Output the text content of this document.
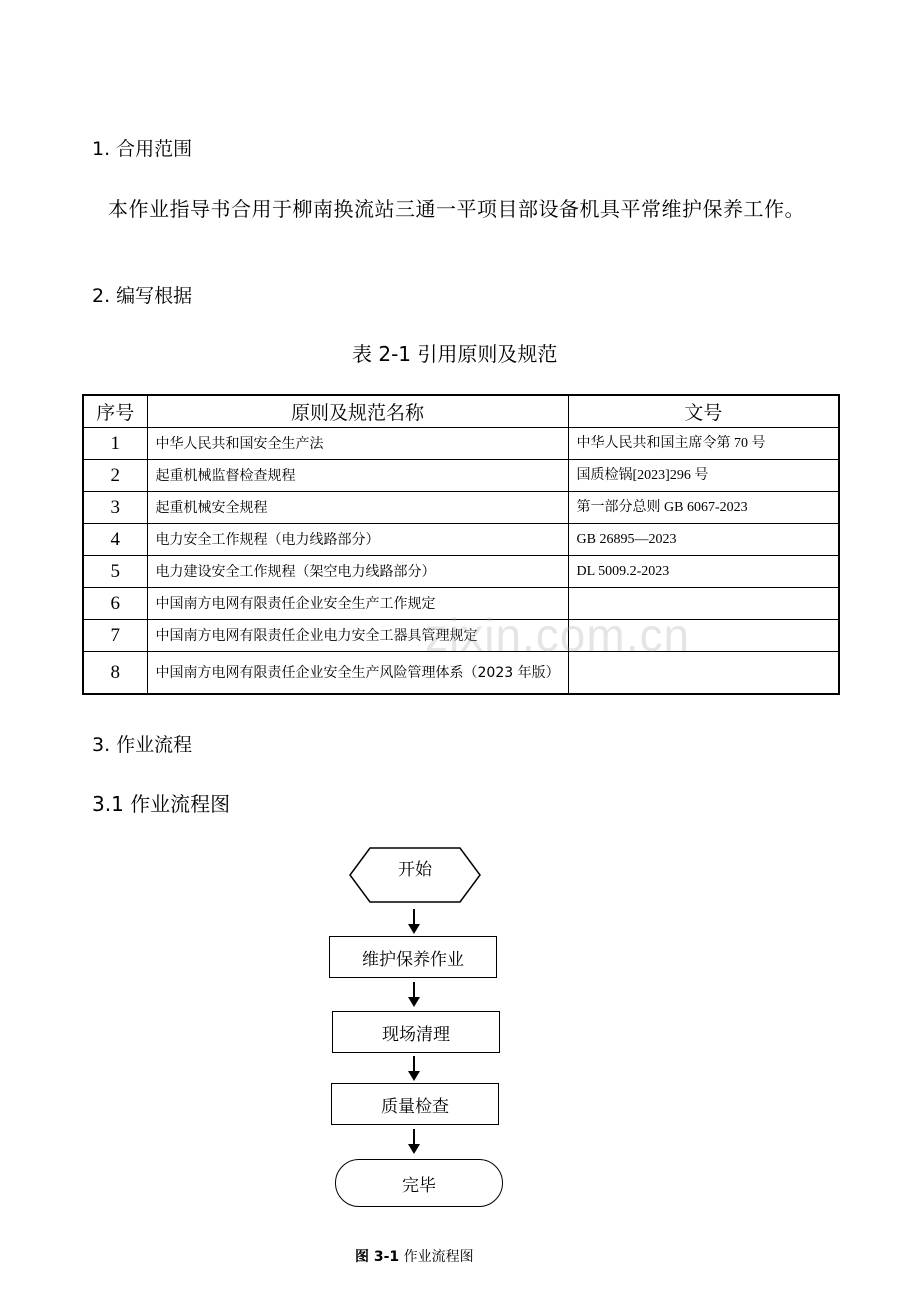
1. 合用范围
本作业指导书合用于柳南换流站三通一平项目部设备机具平常维护保养工作。
2. 编写根据
表 2-1 引用原则及规范
序号	原则及规范名称	文号
1	中华人民共和国安全生产法	中华人民共和国主席令第 70 号
2	起重机械监督检查规程	国质检锅[2023]296 号
3	起重机械安全规程	第一部分总则 GB 6067-2023
4	电力安全工作规程（电力线路部分）	GB 26895—2023
5	电力建设安全工作规程（架空电力线路部分）	DL 5009.2-2023
6	中国南方电网有限责任企业安全生产工作规定	
7	中国南方电网有限责任企业电力安全工器具管理规定	
8	中国南方电网有限责任企业安全生产风险管理体系（2023 年版）	
zixin.com.cn
3. 作业流程
3.1 作业流程图
开始
维护保养作业
现场清理
质量检查
完毕
图 3-1 作业流程图
